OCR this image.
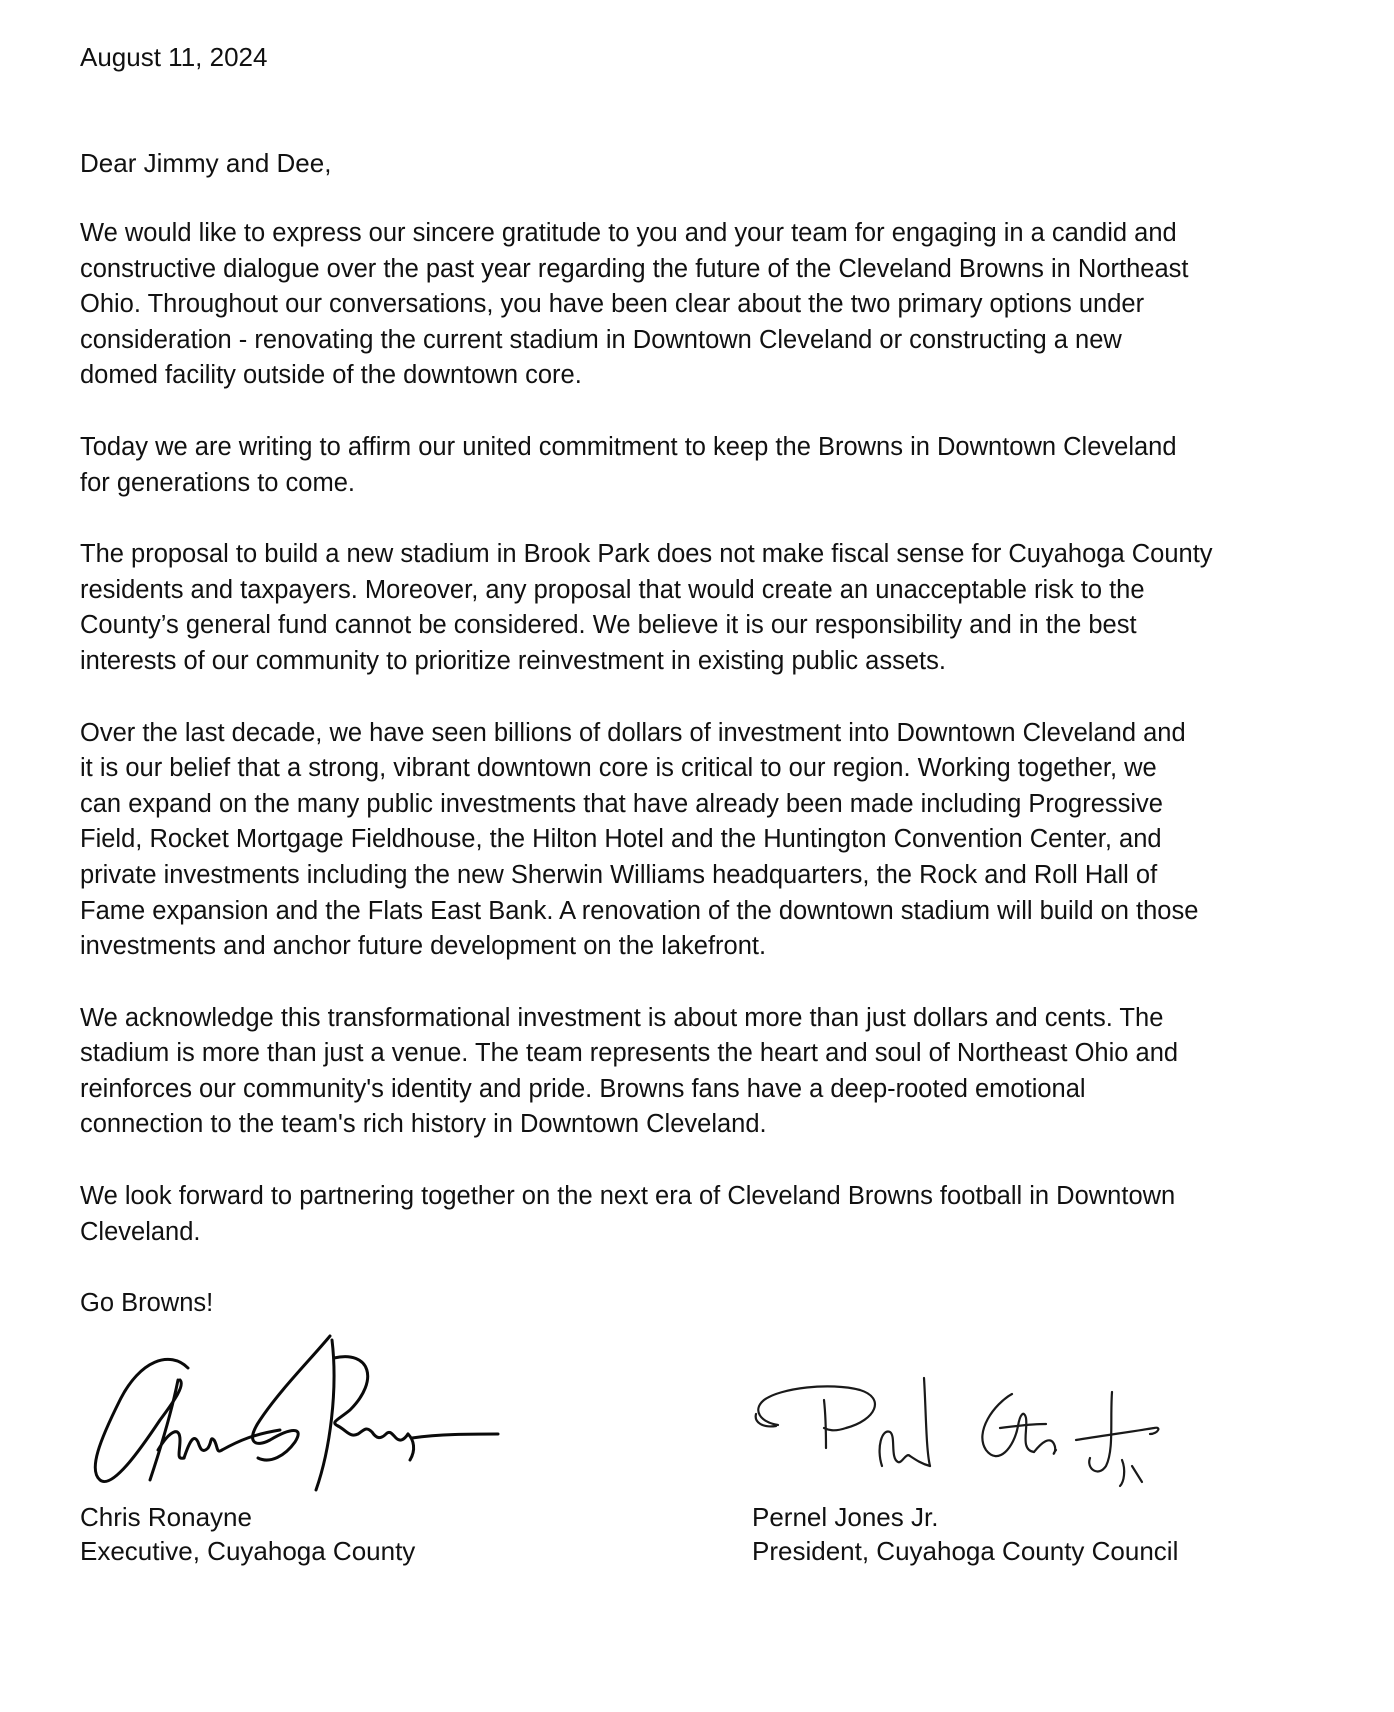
August 11, 2024
Dear Jimmy and Dee,

We would like to express our sincere gratitude to you and your team for engaging in a candid and
constructive dialogue over the past year regarding the future of the Cleveland Browns in Northeast
Ohio. Throughout our conversations, you have been clear about the two primary options under
consideration - renovating the current stadium in Downtown Cleveland or constructing a new
domed facility outside of the downtown core.

Today we are writing to affirm our united commitment to keep the Browns in Downtown Cleveland
for generations to come.

The proposal to build a new stadium in Brook Park does not make fiscal sense for Cuyahoga County
residents and taxpayers. Moreover, any proposal that would create an unacceptable risk to the
County’s general fund cannot be considered. We believe it is our responsibility and in the best
interests of our community to prioritize reinvestment in existing public assets.

Over the last decade, we have seen billions of dollars of investment into Downtown Cleveland and
it is our belief that a strong, vibrant downtown core is critical to our region. Working together, we
can expand on the many public investments that have already been made including Progressive
Field, Rocket Mortgage Fieldhouse, the Hilton Hotel and the Huntington Convention Center, and
private investments including the new Sherwin Williams headquarters, the Rock and Roll Hall of
Fame expansion and the Flats East Bank. A renovation of the downtown stadium will build on those
investments and anchor future development on the lakefront.

We acknowledge this transformational investment is about more than just dollars and cents. The
stadium is more than just a venue. The team represents the heart and soul of Northeast Ohio and
reinforces our community's identity and pride. Browns fans have a deep-rooted emotional
connection to the team's rich history in Downtown Cleveland.

We look forward to partnering together on the next era of Cleveland Browns football in Downtown
Cleveland.

Go Browns!

Chris Ronayne
Executive, Cuyahoga County
Pernel Jones Jr.
President, Cuyahoga County Council
